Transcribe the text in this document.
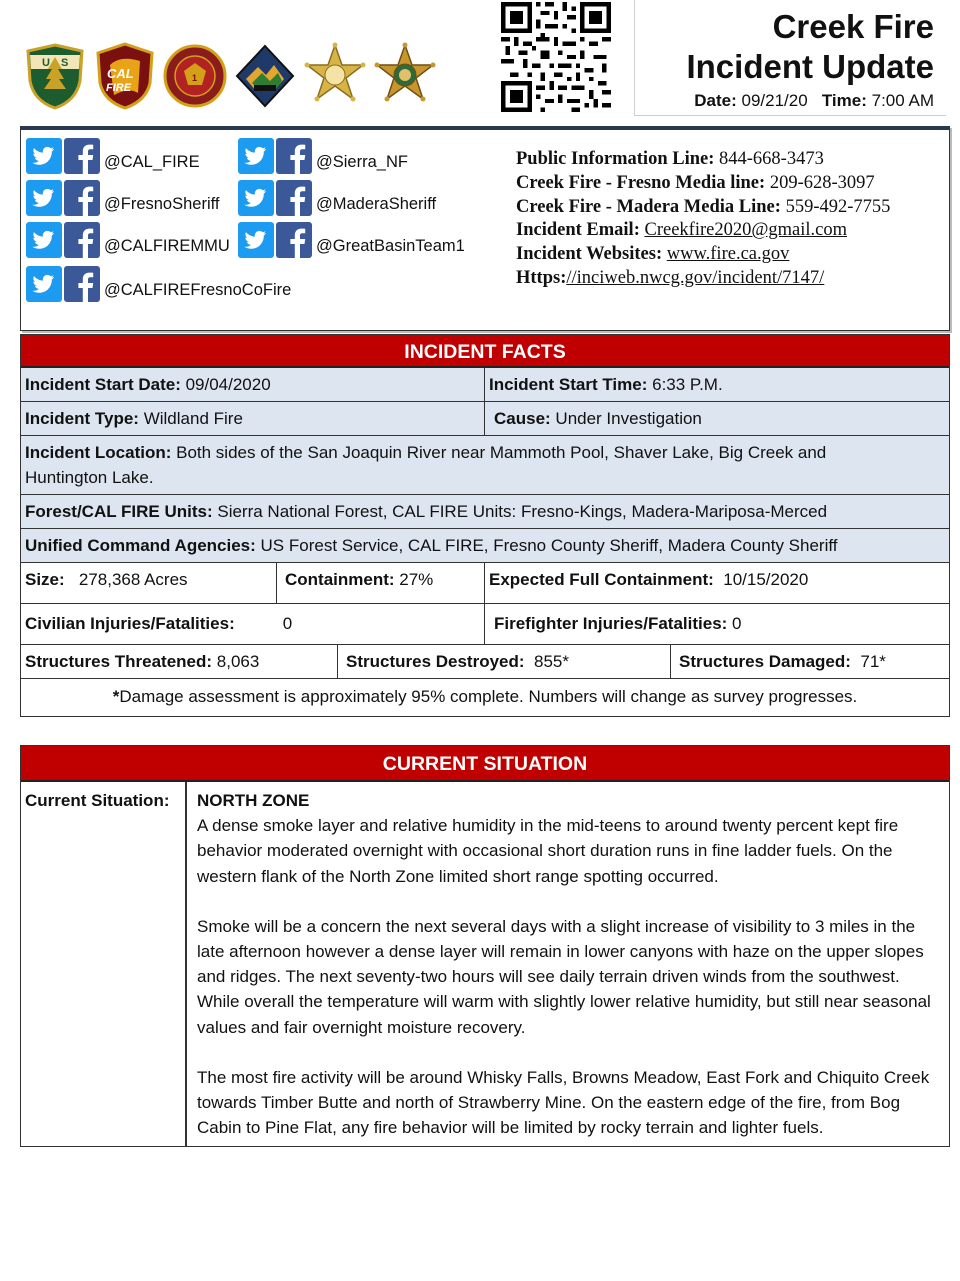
U S
CAL
FIRE
1
Creek Fire
Incident Update
Date: 09/21/20 Time: 7:00 AM
@CAL_FIRE	@Sierra_NF
@FresnoSheriff	@MaderaSheriff
@CALFIREMMU	@GreatBasinTeam1
@CALFIREFresnoCoFire
Public Information Line: 844-668-3473
Creek Fire - Fresno Media line: 209-628-3097
Creek Fire - Madera Media Line: 559-492-7755
Incident Email: Creekfire2020@gmail.com
Incident Websites: www.fire.ca.gov
Https://inciweb.nwcg.gov/incident/7147/
INCIDENT FACTS
Incident Start Date: 09/04/2020	Incident Start Time: 6:33 P.M.
Incident Type: Wildland Fire	Cause: Under Investigation
Incident Location: Both sides of the San Joaquin River near Mammoth Pool, Shaver Lake, Big Creek and Huntington Lake.
Forest/CAL FIRE Units: Sierra National Forest, CAL FIRE Units: Fresno-Kings, Madera-Mariposa-Merced
Unified Command Agencies: US Forest Service, CAL FIRE, Fresno County Sheriff, Madera County Sheriff
Size:   278,368 Acres	Containment: 27%	Expected Full Containment:  10/15/2020
Civilian Injuries/Fatalities:	0	Firefighter Injuries/Fatalities: 0
Structures Threatened: 8,063	Structures Destroyed:  855*	Structures Damaged:  71*
*Damage assessment is approximately 95% complete. Numbers will change as survey progresses.
CURRENT SITUATION
Current Situation:	NORTH ZONE

A dense smoke layer and relative humidity in the mid-teens to around twenty percent kept fire behavior moderated overnight with occasional short duration runs in fine ladder fuels. On the western flank of the North Zone limited short range spotting occurred.

Smoke will be a concern the next several days with a slight increase of visibility to 3 miles in the late afternoon however a dense layer will remain in lower canyons with haze on the upper slopes and ridges. The next seventy-two hours will see daily terrain driven winds from the southwest. While overall the temperature will warm with slightly lower relative humidity, but still near seasonal values and fair overnight moisture recovery.

The most fire activity will be around Whisky Falls, Browns Meadow, East Fork and Chiquito Creek towards Timber Butte and north of Strawberry Mine. On the eastern edge of the fire, from Bog Cabin to Pine Flat, any fire behavior will be limited by rocky terrain and lighter fuels.
